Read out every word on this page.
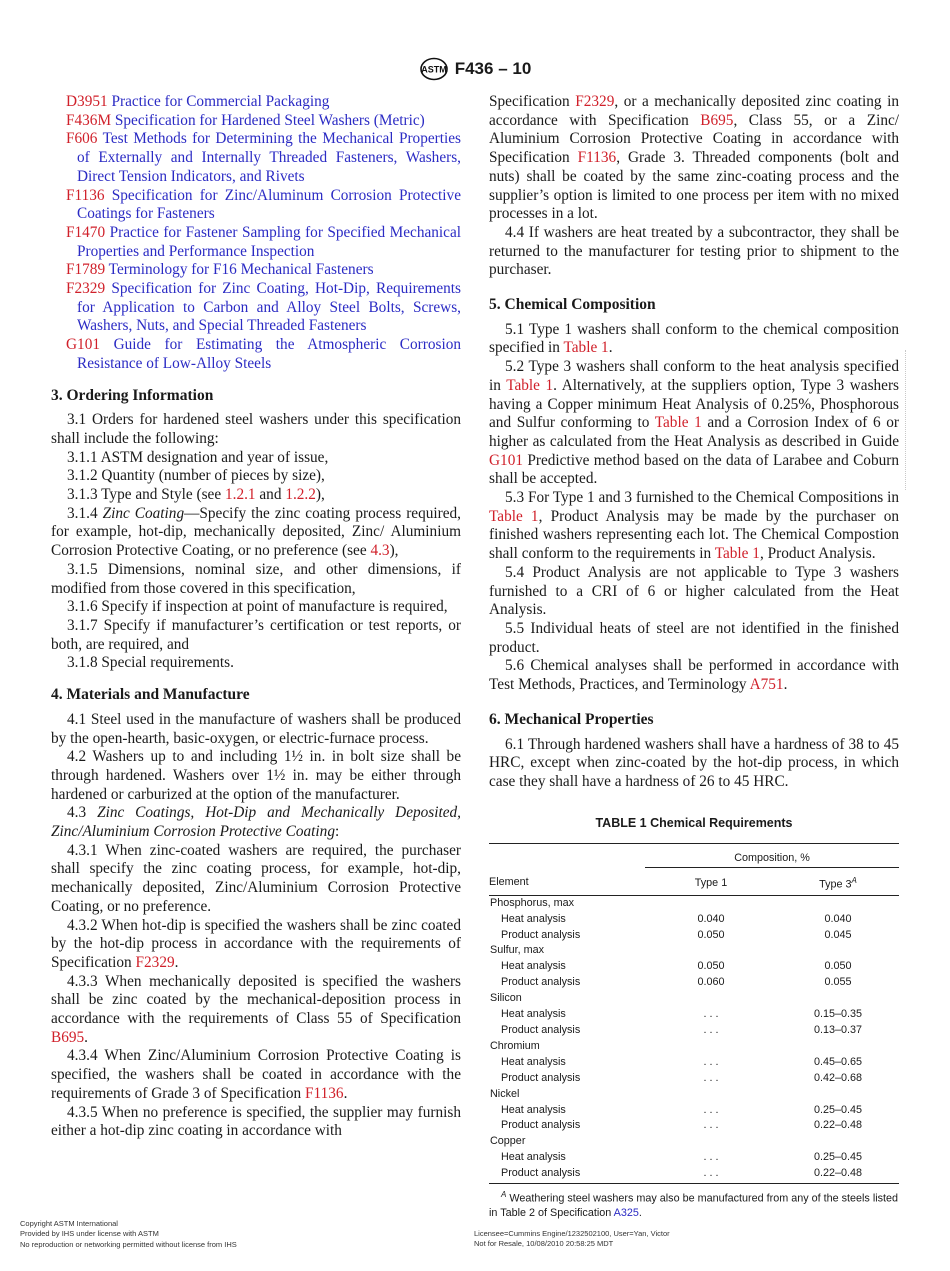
ASTM F436 – 10

D3951 Practice for Commercial Packaging

F436M Specification for Hardened Steel Washers (Metric)

F606 Test Methods for Determining the Mechanical Properties of Externally and Internally Threaded Fasteners, Washers, Direct Tension Indicators, and Rivets

F1136 Specification for Zinc/Aluminum Corrosion Protective Coatings for Fasteners

F1470 Practice for Fastener Sampling for Specified Mechanical Properties and Performance Inspection

F1789 Terminology for F16 Mechanical Fasteners

F2329 Specification for Zinc Coating, Hot-Dip, Requirements for Application to Carbon and Alloy Steel Bolts, Screws, Washers, Nuts, and Special Threaded Fasteners

G101 Guide for Estimating the Atmospheric Corrosion Resistance of Low-Alloy Steels

3. Ordering Information

3.1 Orders for hardened steel washers under this specification shall include the following:

3.1.1 ASTM designation and year of issue,

3.1.2 Quantity (number of pieces by size),

3.1.3 Type and Style (see 1.2.1 and 1.2.2),

3.1.4 Zinc Coating—Specify the zinc coating process required, for example, hot-dip, mechanically deposited, Zinc/ Aluminium Corrosion Protective Coating, or no preference (see 4.3),

3.1.5 Dimensions, nominal size, and other dimensions, if modified from those covered in this specification,

3.1.6 Specify if inspection at point of manufacture is required,

3.1.7 Specify if manufacturer’s certification or test reports, or both, are required, and

3.1.8 Special requirements.

4. Materials and Manufacture

4.1 Steel used in the manufacture of washers shall be produced by the open-hearth, basic-oxygen, or electric-furnace process.

4.2 Washers up to and including 1½ in. in bolt size shall be through hardened. Washers over 1½ in. may be either through hardened or carburized at the option of the manufacturer.

4.3 Zinc Coatings, Hot-Dip and Mechanically Deposited, Zinc/Aluminium Corrosion Protective Coating:

4.3.1 When zinc-coated washers are required, the purchaser shall specify the zinc coating process, for example, hot-dip, mechanically deposited, Zinc/Aluminium Corrosion Protective Coating, or no preference.

4.3.2 When hot-dip is specified the washers shall be zinc coated by the hot-dip process in accordance with the requirements of Specification F2329.

4.3.3 When mechanically deposited is specified the washers shall be zinc coated by the mechanical-deposition process in accordance with the requirements of Class 55 of Specification B695.

4.3.4 When Zinc/Aluminium Corrosion Protective Coating is specified, the washers shall be coated in accordance with the requirements of Grade 3 of Specification F1136.

4.3.5 When no preference is specified, the supplier may furnish either a hot-dip zinc coating in accordance with

Specification F2329, or a mechanically deposited zinc coating in accordance with Specification B695, Class 55, or a Zinc/ Aluminium Corrosion Protective Coating in accordance with Specification F1136, Grade 3. Threaded components (bolt and nuts) shall be coated by the same zinc-coating process and the supplier’s option is limited to one process per item with no mixed processes in a lot.

4.4 If washers are heat treated by a subcontractor, they shall be returned to the manufacturer for testing prior to shipment to the purchaser.

5. Chemical Composition

5.1 Type 1 washers shall conform to the chemical composition specified in Table 1.

5.2 Type 3 washers shall conform to the heat analysis specified in Table 1. Alternatively, at the suppliers option, Type 3 washers having a Copper minimum Heat Analysis of 0.25%, Phosphorous and Sulfur conforming to Table 1 and a Corrosion Index of 6 or higher as calculated from the Heat Analysis as described in Guide G101 Predictive method based on the data of Larabee and Coburn shall be accepted.

5.3 For Type 1 and 3 furnished to the Chemical Compositions in Table 1, Product Analysis may be made by the purchaser on finished washers representing each lot. The Chemical Compostion shall conform to the requirements in Table 1, Product Analysis.

5.4 Product Analysis are not applicable to Type 3 washers furnished to a CRI of 6 or higher calculated from the Heat Analysis.

5.5 Individual heats of steel are not identified in the finished product.

5.6 Chemical analyses shall be performed in accordance with Test Methods, Practices, and Terminology A751.

6. Mechanical Properties

6.1 Through hardened washers shall have a hardness of 38 to 45 HRC, except when zinc-coated by the hot-dip process, in which case they shall have a hardness of 26 to 45 HRC.

TABLE 1 Chemical Requirements
	Composition, %	
Element	Type 1	Type $3^A$
Phosphorus, max		
Heat analysis	0.040	0.040
Product analysis	0.050	0.045
Sulfur, max		
Heat analysis	0.050	0.050
Product analysis	0.060	0.055
Silicon		
Heat analysis	. . .	0.15–0.35
Product analysis	. . .	0.13–0.37
Chromium		
Heat analysis	. . .	0.45–0.65
Product analysis	. . .	0.42–0.68
Nickel		
Heat analysis	. . .	0.25–0.45
Product analysis	. . .	0.22–0.48
Copper		
Heat analysis	. . .	0.25–0.45
Product analysis	. . .	0.22–0.48
$^A$ Weathering steel washers may also be manufactured from any of the steels listed in Table 2 of Specification A325.
Copyright ASTM International
Provided by IHS under license with ASTM
No reproduction or networking permitted without license from IHS
Licensee=Cummins Engine/1232502100, User=Yan, Victor
Not for Resale, 10/08/2010 20:58:25 MDT
